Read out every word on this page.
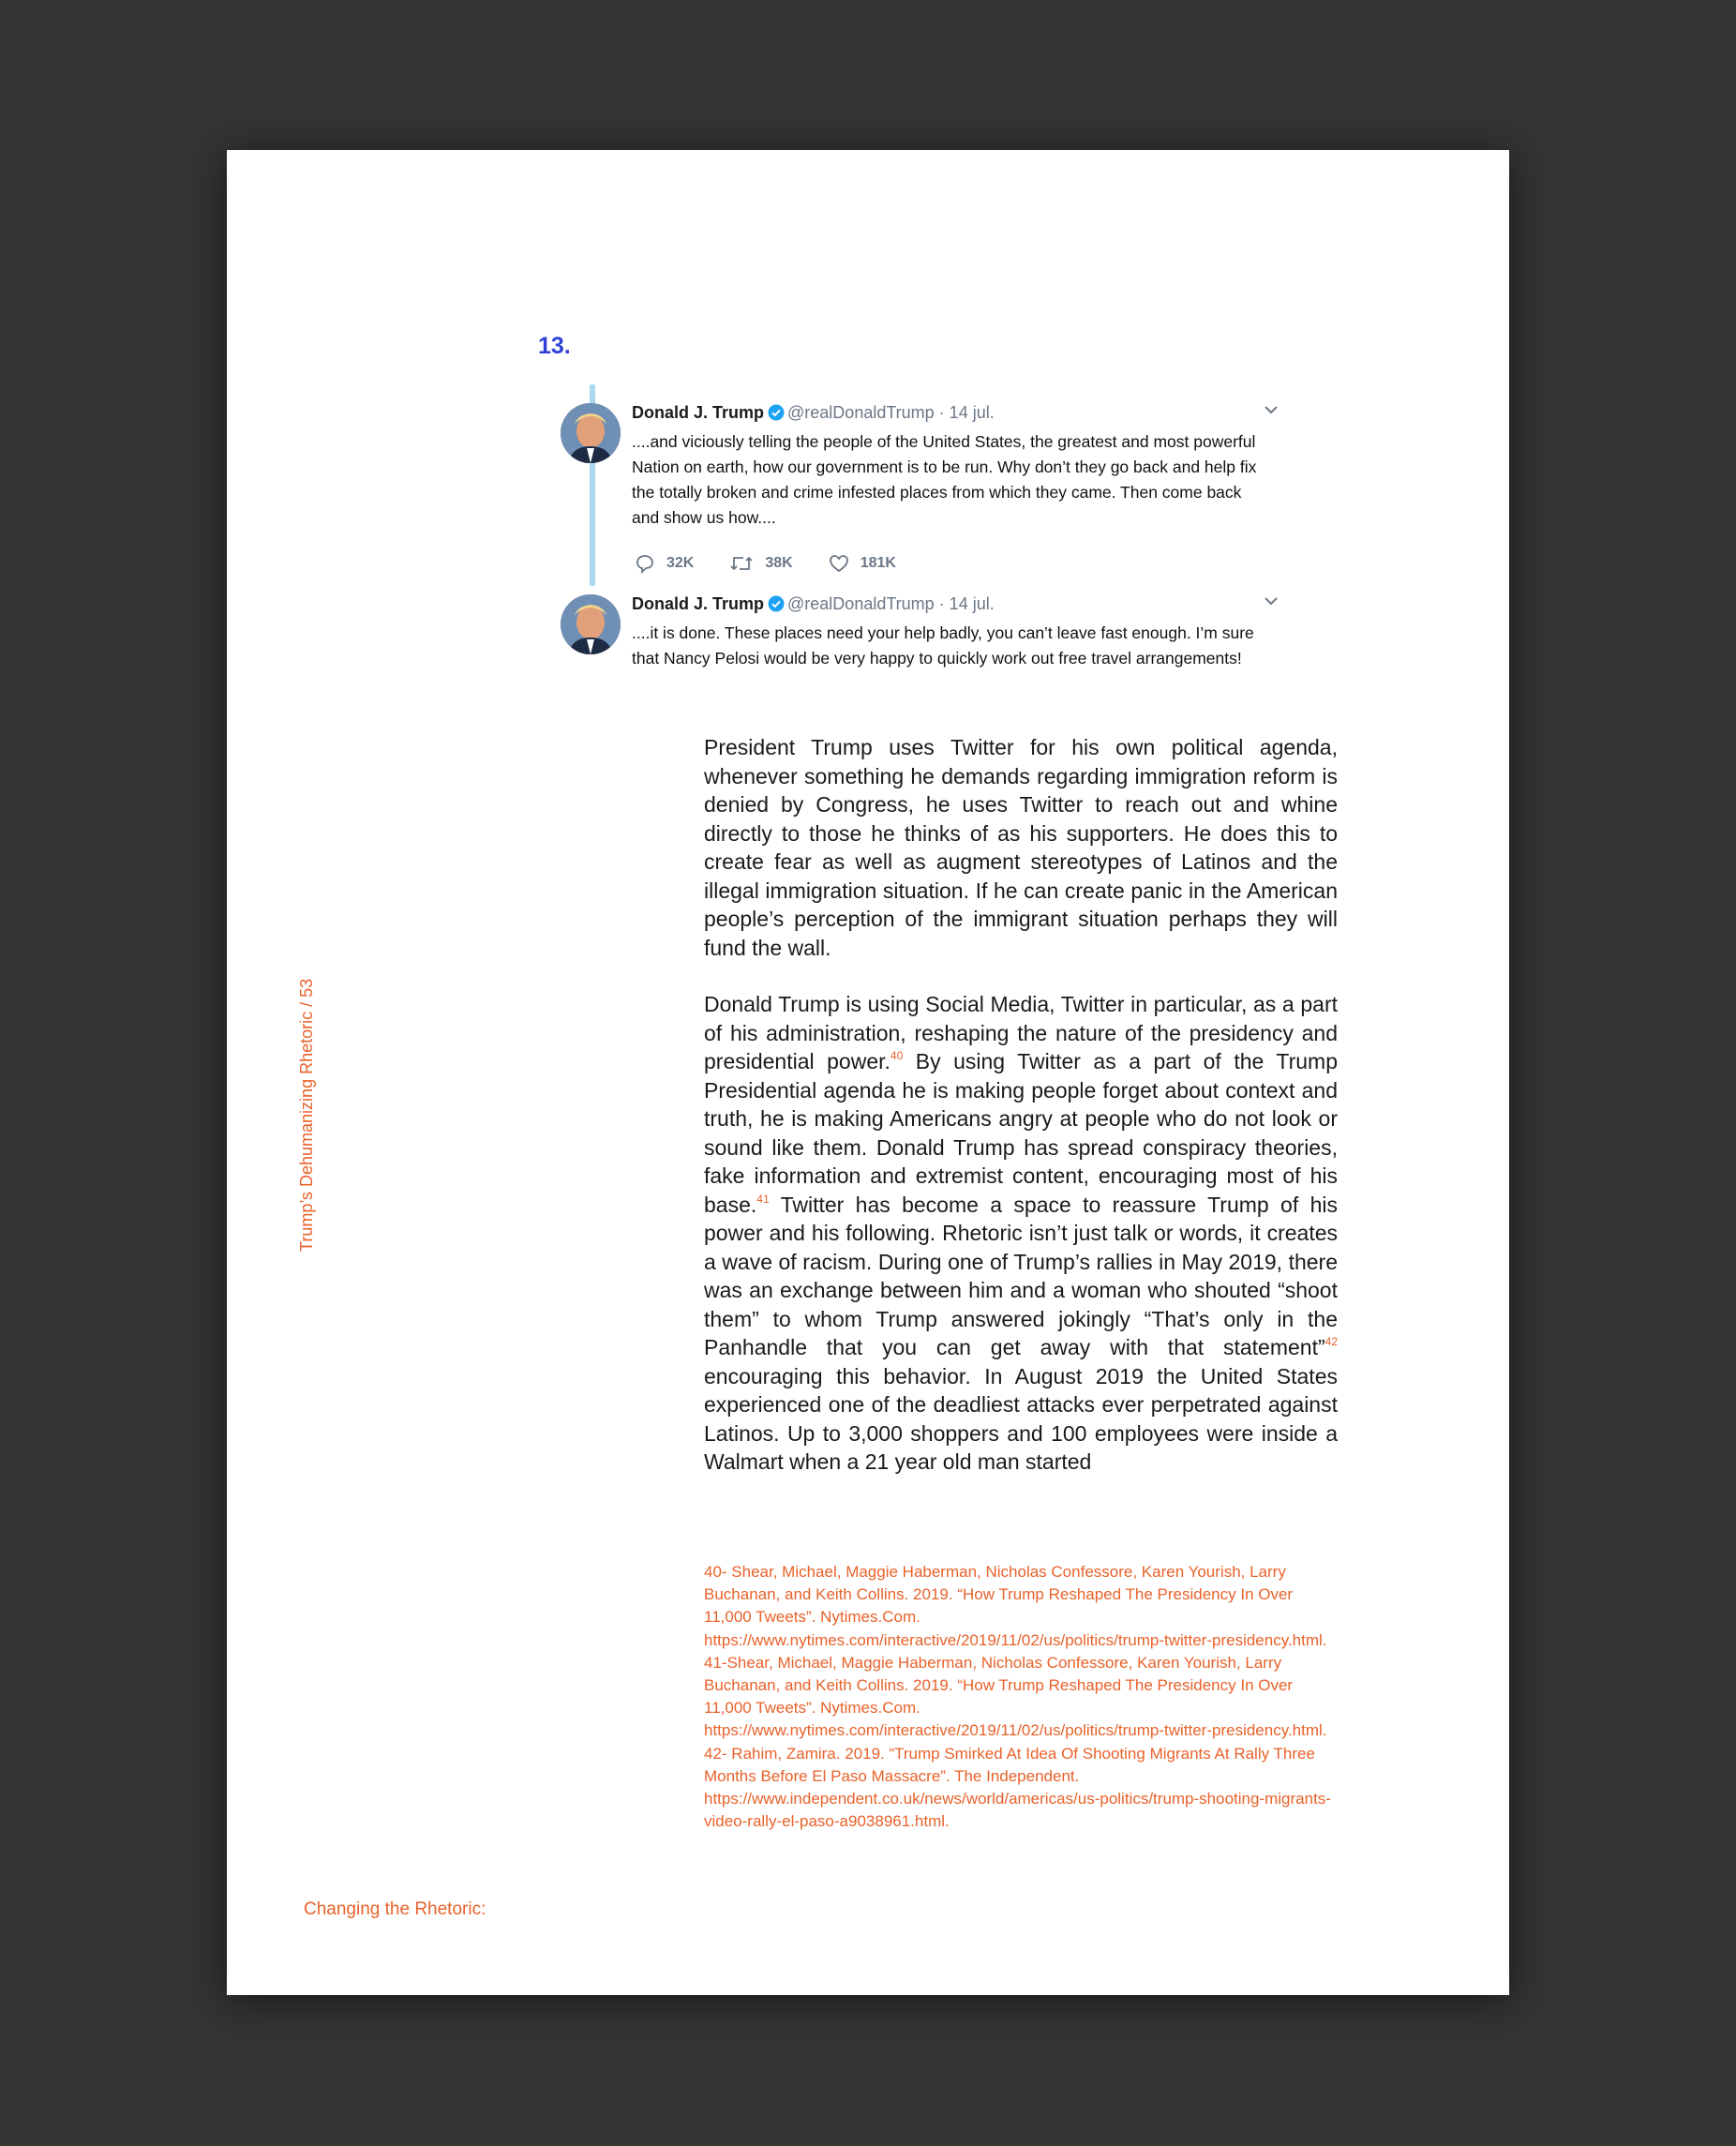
13.
Donald J. Trump @realDonaldTrump · 14 jul.
....and viciously telling the people of the United States, the greatest and most powerful Nation on earth, how our government is to be run. Why don’t they go back and help fix the totally broken and crime infested places from which they came. Then come back and show us how....
32K	38K	181K
Donald J. Trump @realDonaldTrump · 14 jul.
....it is done. These places need your help badly, you can’t leave fast enough. I’m sure that Nancy Pelosi would be very happy to quickly work out free travel arrangements!

President Trump uses Twitter for his own political agenda, whenever something he demands regarding immigration reform is denied by Congress, he uses Twitter to reach out and whine directly to those he thinks of as his supporters. He does this to create fear as well as augment stereotypes of Latinos and the illegal immigration situation. If he can create panic in the American people’s perception of the immigrant situation perhaps they will fund the wall.

Donald Trump is using Social Media, Twitter in particular, as a part of his administration, reshaping the nature of the presidency and presidential power.$^{40}$ By using Twitter as a part of the Trump Presidential agenda he is making people forget about context and truth, he is making Americans angry at people who do not look or sound like them. Donald Trump has spread conspiracy theories, fake information and extremist content, encouraging most of his base.$^{41}$ Twitter has become a space to reassure Trump of his power and his following. Rhetoric isn’t just talk or words, it creates a wave of racism. During one of Trump’s rallies in May 2019, there was an exchange between him and a woman who shouted “shoot them” to whom Trump answered jokingly “That’s only in the Panhandle that you can get away with that statement”$^{42}$ encouraging this behavior. In August 2019 the United States experienced one of the deadliest attacks ever perpetrated against Latinos. Up to 3,000 shoppers and 100 employees were inside a Walmart when a 21 year old man started

40- Shear, Michael, Maggie Haberman, Nicholas Confessore, Karen Yourish, Larry Buchanan, and Keith Collins. 2019. “How Trump Reshaped The Presidency In Over 11,000 Tweets”. Nytimes.Com. https://www.nytimes.com/interactive/2019/11/02/us/politics/trump-twitter-presidency.html.
41-Shear, Michael, Maggie Haberman, Nicholas Confessore, Karen Yourish, Larry Buchanan, and Keith Collins. 2019. “How Trump Reshaped The Presidency In Over 11,000 Tweets”. Nytimes.Com. https://www.nytimes.com/interactive/2019/11/02/us/politics/trump-twitter-presidency.html.
42- Rahim, Zamira. 2019. “Trump Smirked At Idea Of Shooting Migrants At Rally Three Months Before El Paso Massacre”. The Independent. https://www.independent.co.uk/news/world/americas/us-politics/trump-shooting-migrants-video-rally-el-paso-a9038961.html.
Trump’s Dehumanizing Rhetoric / 53
Changing the Rhetoric:
